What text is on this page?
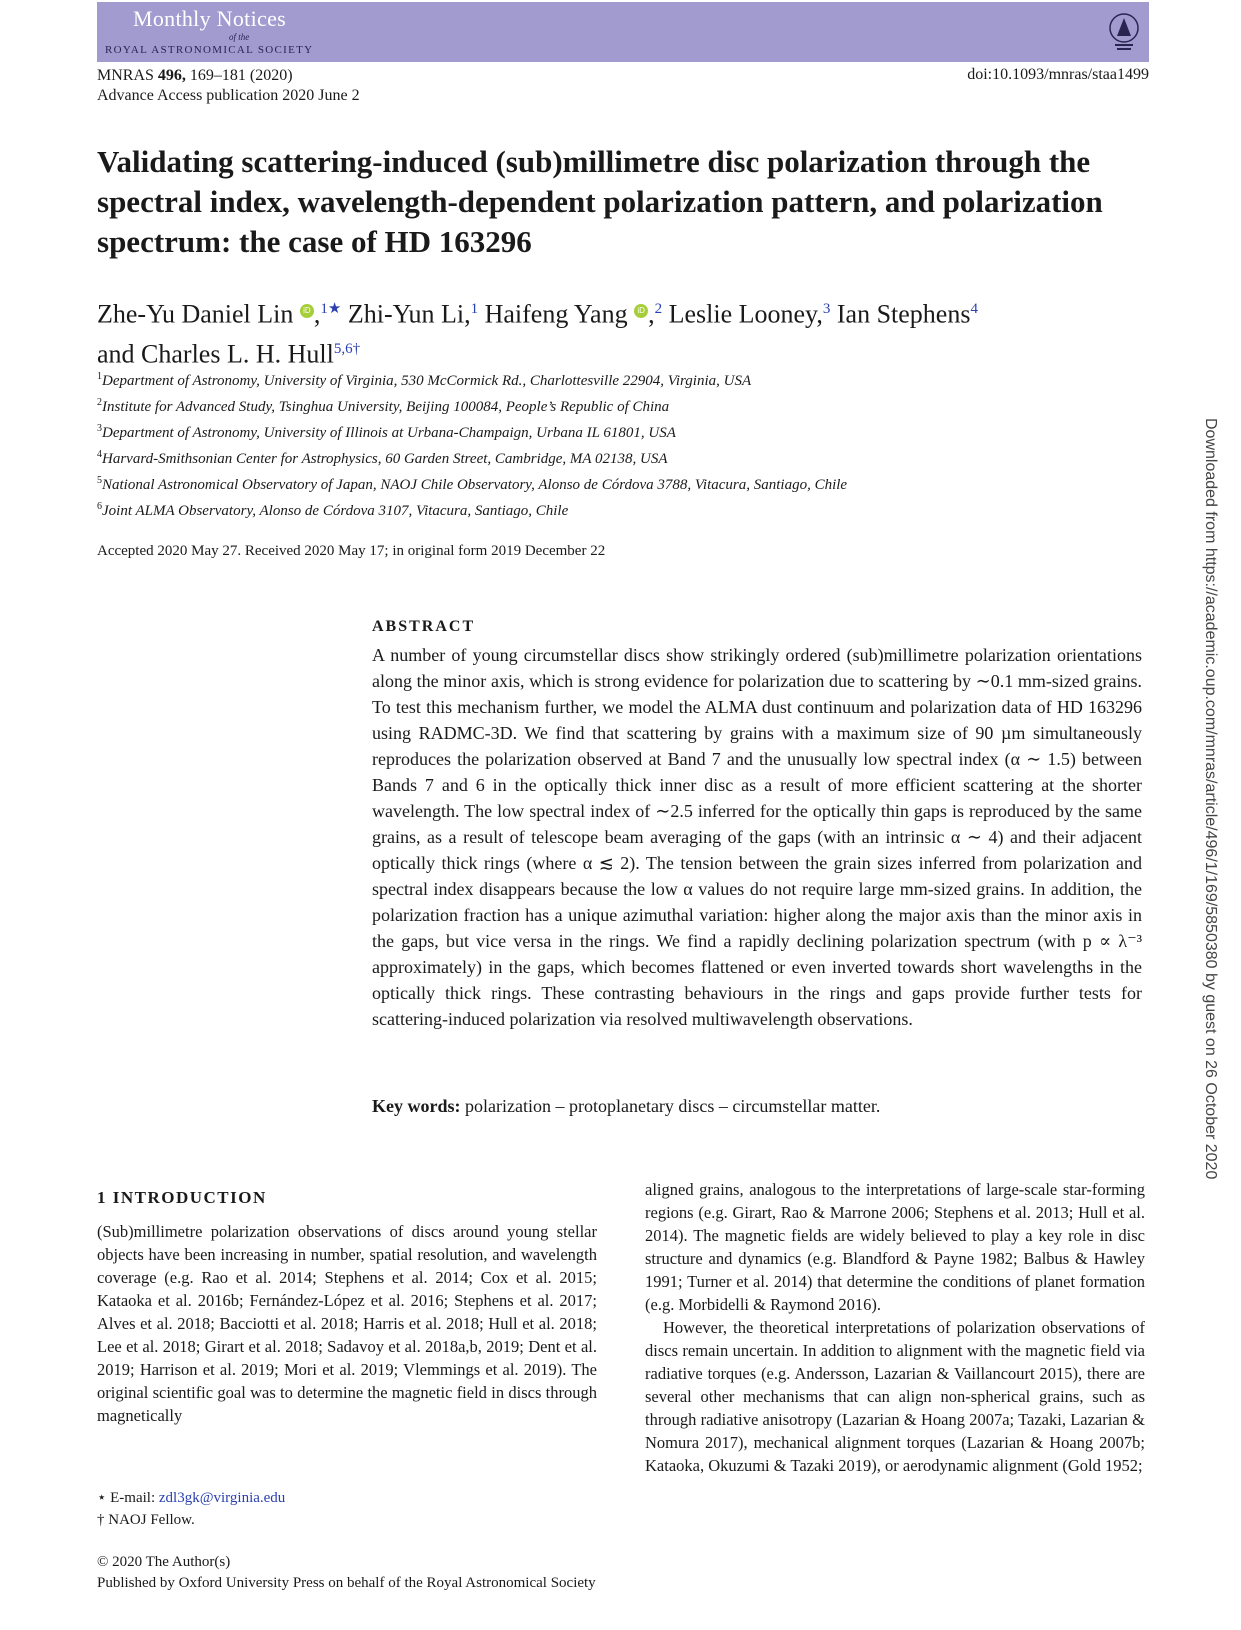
Monthly Notices
of the
ROYAL ASTRONOMICAL SOCIETY
MNRAS 496, 169–181 (2020)
Advance Access publication 2020 June 2
doi:10.1093/mnras/staa1499
Validating scattering-induced (sub)millimetre disc polarization through the spectral index, wavelength-dependent polarization pattern, and polarization spectrum: the case of HD 163296
Zhe-Yu Daniel Lin iD ,$^{1★}$ Zhi-Yun Li,$^1$ Haifeng Yang iD ,$^2$ Leslie Looney,$^3$ Ian Stephens$^4$
and Charles L. H. Hull$^{5,6\dagger}$
$^1$Department of Astronomy, University of Virginia, 530 McCormick Rd., Charlottesville 22904, Virginia, USA
$^2$Institute for Advanced Study, Tsinghua University, Beijing 100084, People’s Republic of China
$^3$Department of Astronomy, University of Illinois at Urbana-Champaign, Urbana IL 61801, USA
$^4$Harvard-Smithsonian Center for Astrophysics, 60 Garden Street, Cambridge, MA 02138, USA
$^5$National Astronomical Observatory of Japan, NAOJ Chile Observatory, Alonso de Córdova 3788, Vitacura, Santiago, Chile
$^6$Joint ALMA Observatory, Alonso de Córdova 3107, Vitacura, Santiago, Chile
Accepted 2020 May 27. Received 2020 May 17; in original form 2019 December 22
ABSTRACT

A number of young circumstellar discs show strikingly ordered (sub)millimetre polarization orientations along the minor axis, which is strong evidence for polarization due to scattering by ∼0.1 mm-sized grains. To test this mechanism further, we model the ALMA dust continuum and polarization data of HD 163296 using RADMC-3D. We find that scattering by grains with a maximum size of 90 µm simultaneously reproduces the polarization observed at Band 7 and the unusually low spectral index (α ∼ 1.5) between Bands 7 and 6 in the optically thick inner disc as a result of more efficient scattering at the shorter wavelength. The low spectral index of ∼2.5 inferred for the optically thin gaps is reproduced by the same grains, as a result of telescope beam averaging of the gaps (with an intrinsic α ∼ 4) and their adjacent optically thick rings (where α ≲ 2). The tension between the grain sizes inferred from polarization and spectral index disappears because the low α values do not require large mm-sized grains. In addition, the polarization fraction has a unique azimuthal variation: higher along the major axis than the minor axis in the gaps, but vice versa in the rings. We find a rapidly declining polarization spectrum (with p ∝ λ⁻³ approximately) in the gaps, which becomes flattened or even inverted towards short wavelengths in the optically thick rings. These contrasting behaviours in the rings and gaps provide further tests for scattering-induced polarization via resolved multiwavelength observations.

Key words: polarization – protoplanetary discs – circumstellar matter.
1 INTRODUCTION

(Sub)millimetre polarization observations of discs around young stellar objects have been increasing in number, spatial resolution, and wavelength coverage (e.g. Rao et al. 2014; Stephens et al. 2014; Cox et al. 2015; Kataoka et al. 2016b; Fernández-López et al. 2016; Stephens et al. 2017; Alves et al. 2018; Bacciotti et al. 2018; Harris et al. 2018; Hull et al. 2018; Lee et al. 2018; Girart et al. 2018; Sadavoy et al. 2018a,b, 2019; Dent et al. 2019; Harrison et al. 2019; Mori et al. 2019; Vlemmings et al. 2019). The original scientific goal was to determine the magnetic field in discs through magnetically

aligned grains, analogous to the interpretations of large-scale star-forming regions (e.g. Girart, Rao & Marrone 2006; Stephens et al. 2013; Hull et al. 2014). The magnetic fields are widely believed to play a key role in disc structure and dynamics (e.g. Blandford & Payne 1982; Balbus & Hawley 1991; Turner et al. 2014) that determine the conditions of planet formation (e.g. Morbidelli & Raymond 2016).

However, the theoretical interpretations of polarization observations of discs remain uncertain. In addition to alignment with the magnetic field via radiative torques (e.g. Andersson, Lazarian & Vaillancourt 2015), there are several other mechanisms that can align non-spherical grains, such as through radiative anisotropy (Lazarian & Hoang 2007a; Tazaki, Lazarian & Nomura 2017), mechanical alignment torques (Lazarian & Hoang 2007b; Kataoka, Okuzumi & Tazaki 2019), or aerodynamic alignment (Gold 1952;

⋆ E-mail: zdl3gk@virginia.edu
† NAOJ Fellow.
© 2020 The Author(s)
Published by Oxford University Press on behalf of the Royal Astronomical Society
Downloaded from https://academic.oup.com/mnras/article/496/1/169/5850380 by guest on 26 October 2020
